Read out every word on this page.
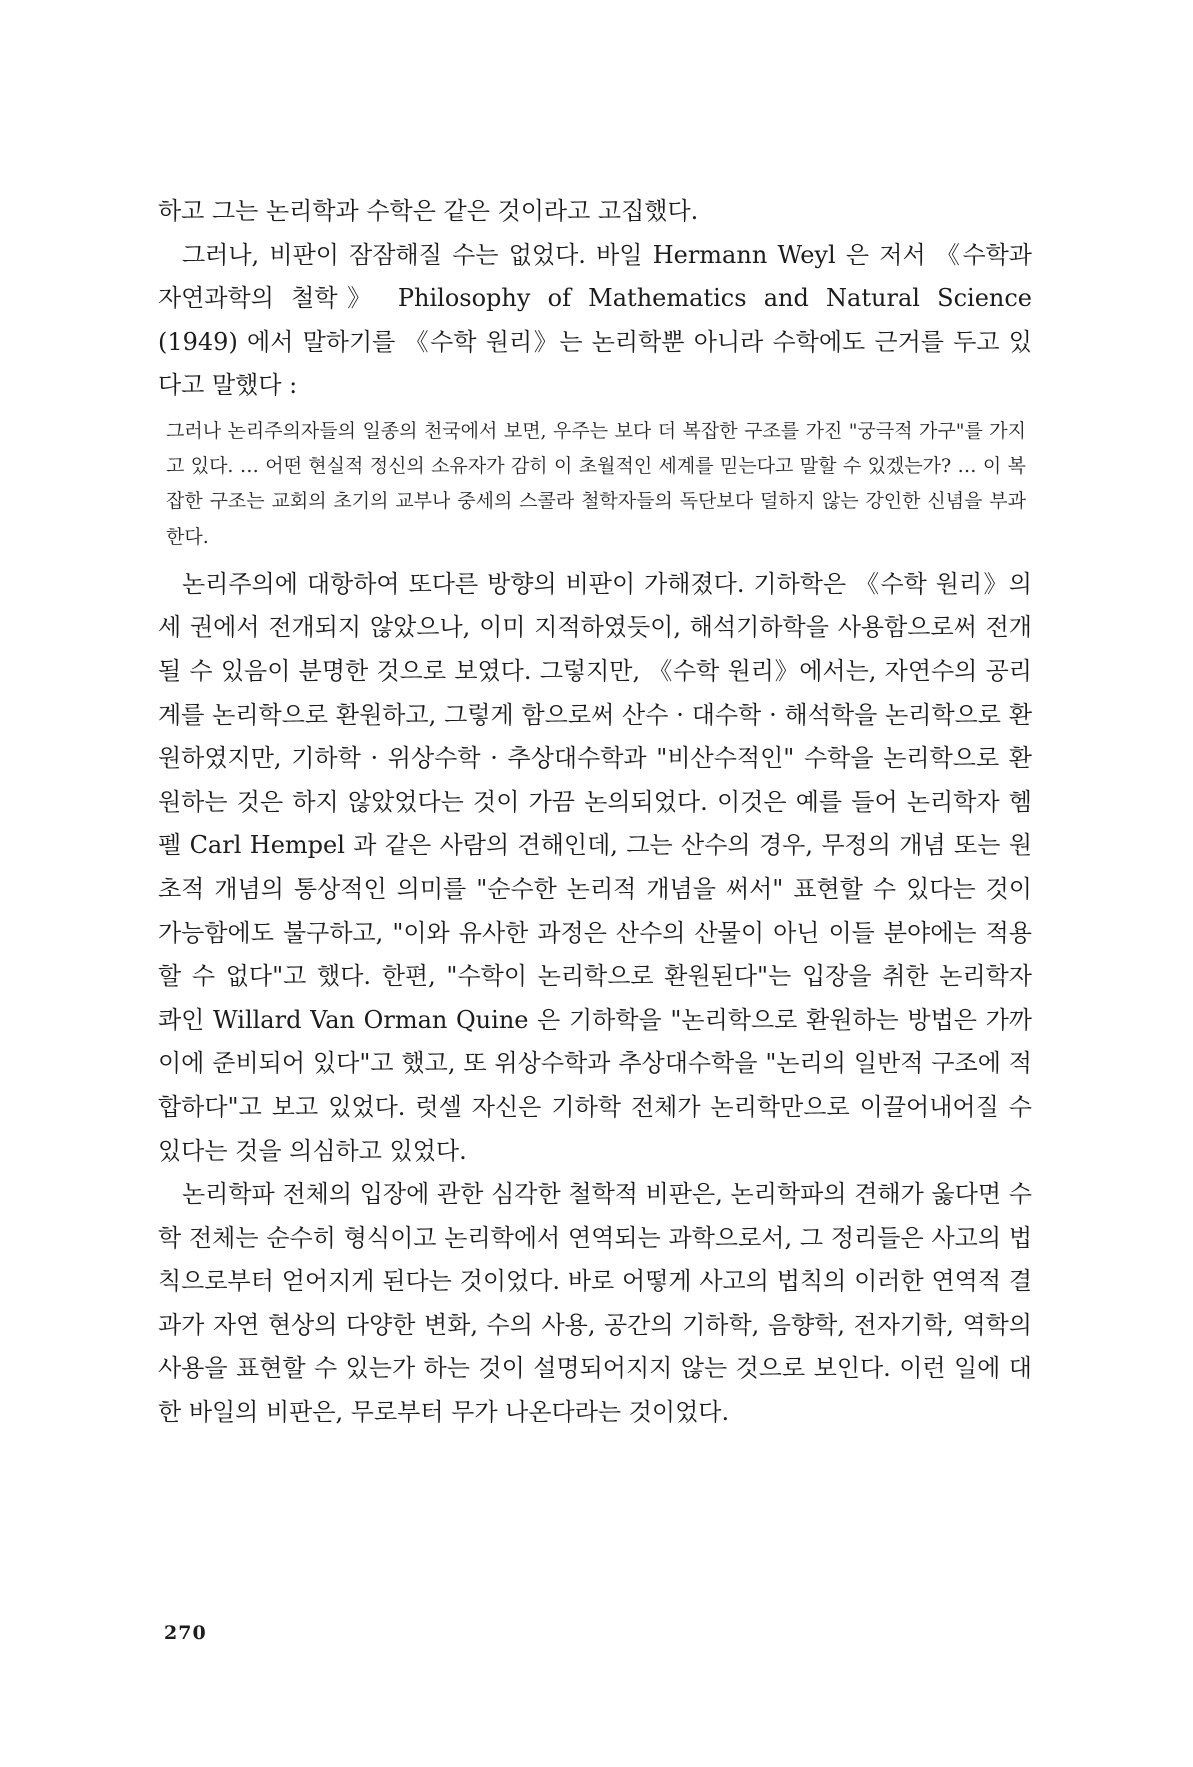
하고 그는 논리학과 수학은 같은 것이라고 고집했다.

그러나, 비판이 잠잠해질 수는 없었다. 바일 Hermann Weyl 은 저서 《수학과 자연과학의 철학》 Philosophy of Mathematics and Natural Science (1949) 에서 말하기를 《수학 원리》는 논리학뿐 아니라 수학에도 근거를 두고 있다고 말했다 :

그러나 논리주의자들의 일종의 천국에서 보면, 우주는 보다 더 복잡한 구조를 가진 "궁극적 가구"를 가지고 있다. … 어떤 현실적 정신의 소유자가 감히 이 초월적인 세계를 믿는다고 말할 수 있겠는가? … 이 복잡한 구조는 교회의 초기의 교부나 중세의 스콜라 철학자들의 독단보다 덜하지 않는 강인한 신념을 부과한다.

논리주의에 대항하여 또다른 방향의 비판이 가해졌다. 기하학은 《수학 원리》의 세 권에서 전개되지 않았으나, 이미 지적하였듯이, 해석기하학을 사용함으로써 전개될 수 있음이 분명한 것으로 보였다. 그렇지만, 《수학 원리》에서는, 자연수의 공리계를 논리학으로 환원하고, 그렇게 함으로써 산수 · 대수학 · 해석학을 논리학으로 환원하였지만, 기하학 · 위상수학 · 추상대수학과 "비산수적인" 수학을 논리학으로 환원하는 것은 하지 않았었다는 것이 가끔 논의되었다. 이것은 예를 들어 논리학자 헴펠 Carl Hempel 과 같은 사람의 견해인데, 그는 산수의 경우, 무정의 개념 또는 원초적 개념의 통상적인 의미를 "순수한 논리적 개념을 써서" 표현할 수 있다는 것이 가능함에도 불구하고, "이와 유사한 과정은 산수의 산물이 아닌 이들 분야에는 적용할 수 없다"고 했다. 한편, "수학이 논리학으로 환원된다"는 입장을 취한 논리학자 콰인 Willard Van Orman Quine 은 기하학을 "논리학으로 환원하는 방법은 가까이에 준비되어 있다"고 했고, 또 위상수학과 추상대수학을 "논리의 일반적 구조에 적합하다"고 보고 있었다. 럿셀 자신은 기하학 전체가 논리학만으로 이끌어내어질 수 있다는 것을 의심하고 있었다.

논리학파 전체의 입장에 관한 심각한 철학적 비판은, 논리학파의 견해가 옳다면 수학 전체는 순수히 형식이고 논리학에서 연역되는 과학으로서, 그 정리들은 사고의 법칙으로부터 얻어지게 된다는 것이었다. 바로 어떻게 사고의 법칙의 이러한 연역적 결과가 자연 현상의 다양한 변화, 수의 사용, 공간의 기하학, 음향학, 전자기학, 역학의 사용을 표현할 수 있는가 하는 것이 설명되어지지 않는 것으로 보인다. 이런 일에 대한 바일의 비판은, 무로부터 무가 나온다라는 것이었다.

270
